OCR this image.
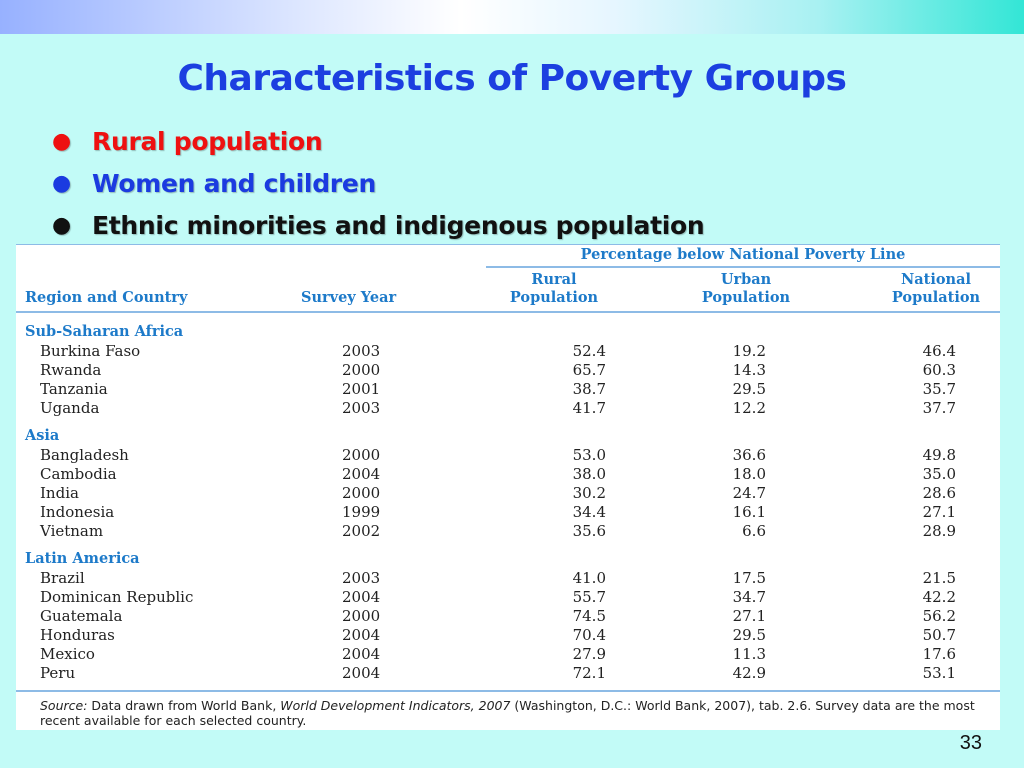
Characteristics of Poverty Groups
● Rural population
● Women and children
● Ethnic minorities and indigenous population
Percentage below National Poverty Line
Region and Country	Survey Year
Rural
Population
Urban
Population
National
Population
Sub-Saharan Africa
Burkina Faso	2003	52.4	19.2	46.4
Rwanda	2000	65.7	14.3	60.3
Tanzania	2001	38.7	29.5	35.7
Uganda	2003	41.7	12.2	37.7
Asia
Bangladesh	2000	53.0	36.6	49.8
Cambodia	2004	38.0	18.0	35.0
India	2000	30.2	24.7	28.6
Indonesia	1999	34.4	16.1	27.1
Vietnam	2002	35.6	6.6	28.9
Latin America
Brazil	2003	41.0	17.5	21.5
Dominican Republic	2004	55.7	34.7	42.2
Guatemala	2000	74.5	27.1	56.2
Honduras	2004	70.4	29.5	50.7
Mexico	2004	27.9	11.3	17.6
Peru	2004	72.1	42.9	53.1
Source: Data drawn from World Bank, World Development Indicators, 2007 (Washington, D.C.: World Bank, 2007), tab. 2.6. Survey data are the most recent available for each selected country.
33
